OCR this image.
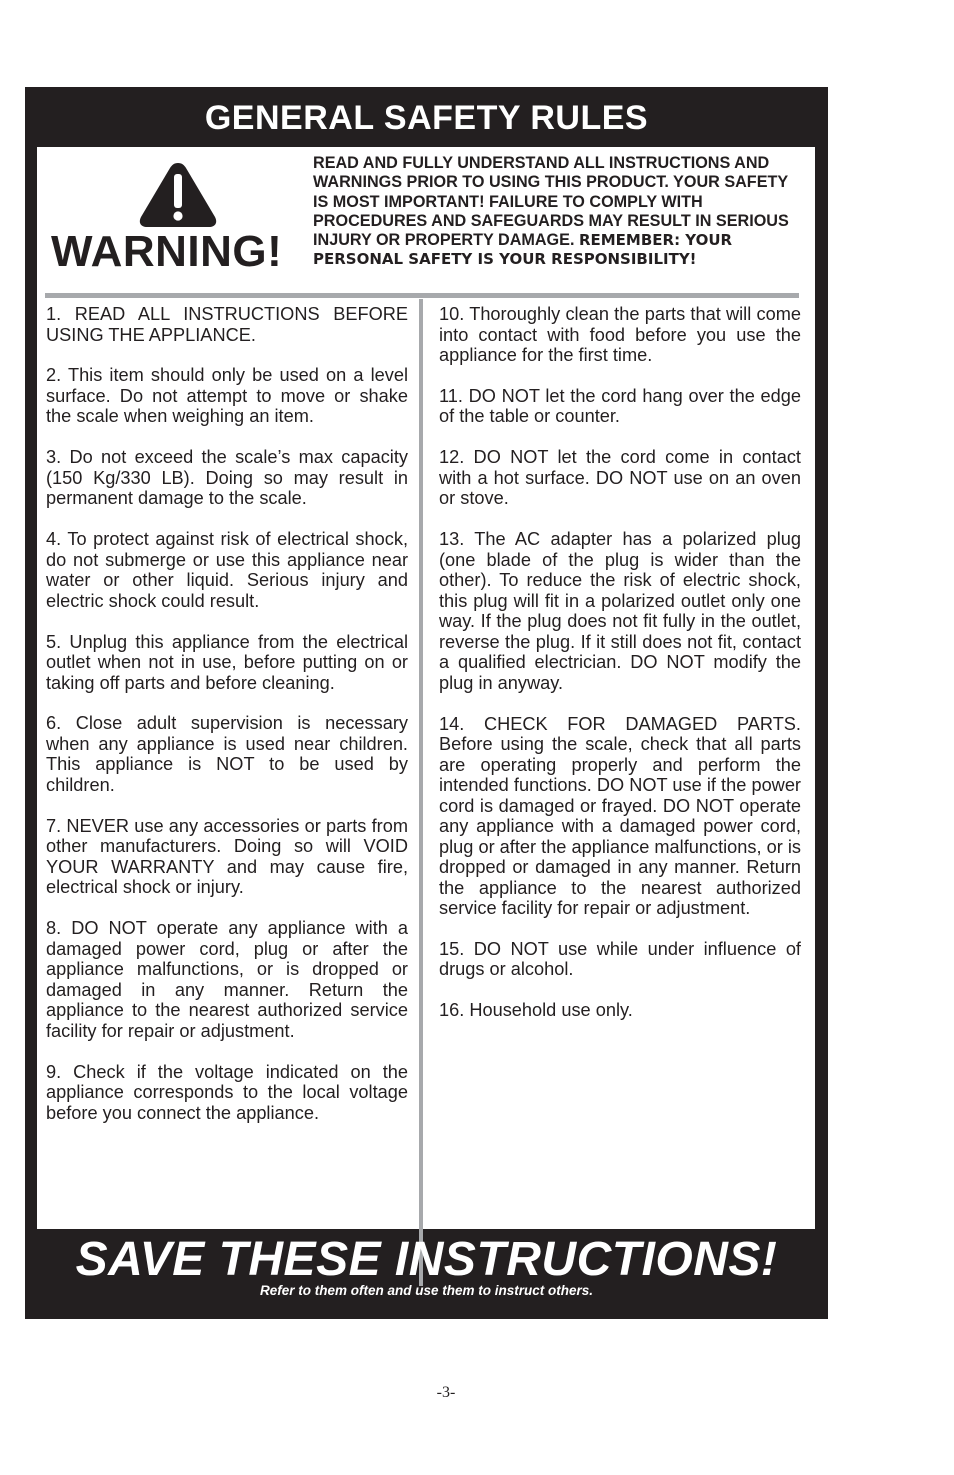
GENERAL SAFETY RULES
WARNING!
READ AND FULLY UNDERSTAND ALL INSTRUCTIONS AND WARNINGS PRIOR TO USING THIS PRODUCT. YOUR SAFETY IS MOST IMPORTANT! FAILURE TO COMPLY WITH PROCEDURES AND SAFEGUARDS MAY RESULT IN SERIOUS INJURY OR PROPERTY DAMAGE. REMEMBER: YOUR PERSONAL SAFETY IS YOUR RESPONSIBILITY!

1. READ ALL INSTRUCTIONS BEFORE USING THE APPLIANCE.

2. This item should only be used on a level surface. Do not attempt to move or shake the scale when weighing an item.

3. Do not exceed the scale’s max capacity (150 Kg/330 LB). Doing so may result in permanent damage to the scale.

4. To protect against risk of electrical shock, do not submerge or use this appliance near water or other liquid. Serious injury and electric shock could result.

5. Unplug this appliance from the electrical outlet when not in use, before putting on or taking off parts and before cleaning.

6. Close adult supervision is necessary when any appliance is used near children. This appliance is NOT to be used by children.

7. NEVER use any accessories or parts from other manufacturers. Doing so will VOID YOUR WARRANTY and may cause fire, electrical shock or injury.

8. DO NOT operate any appliance with a damaged power cord, plug or after the appliance malfunctions, or is dropped or damaged in any manner. Return the appliance to the nearest authorized service facility for repair or adjustment.

9. Check if the voltage indicated on the appliance corresponds to the local voltage before you connect the appliance.

10. Thoroughly clean the parts that will come into contact with food before you use the appliance for the first time.

11. DO NOT let the cord hang over the edge of the table or counter.

12. DO NOT let the cord come in contact with a hot surface. DO NOT use on an oven or stove.

13. The AC adapter has a polarized plug (one blade of the plug is wider than the other). To reduce the risk of electric shock, this plug will fit in a polarized outlet only one way. If the plug does not fit fully in the outlet, reverse the plug. If it still does not fit, contact a qualified electrician. DO NOT modify the plug in anyway.

14. CHECK FOR DAMAGED PARTS. Before using the scale, check that all parts are operating properly and perform the intended functions. DO NOT use if the power cord is damaged or frayed. DO NOT operate any appliance with a damaged power cord, plug or after the appliance malfunctions, or is dropped or damaged in any manner. Return the appliance to the nearest authorized service facility for repair or adjustment.

15. DO NOT use while under influence of drugs or alcohol.

16. Household use only.

SAVE THESE INSTRUCTIONS!
Refer to them often and use them to instruct others.
-3-
